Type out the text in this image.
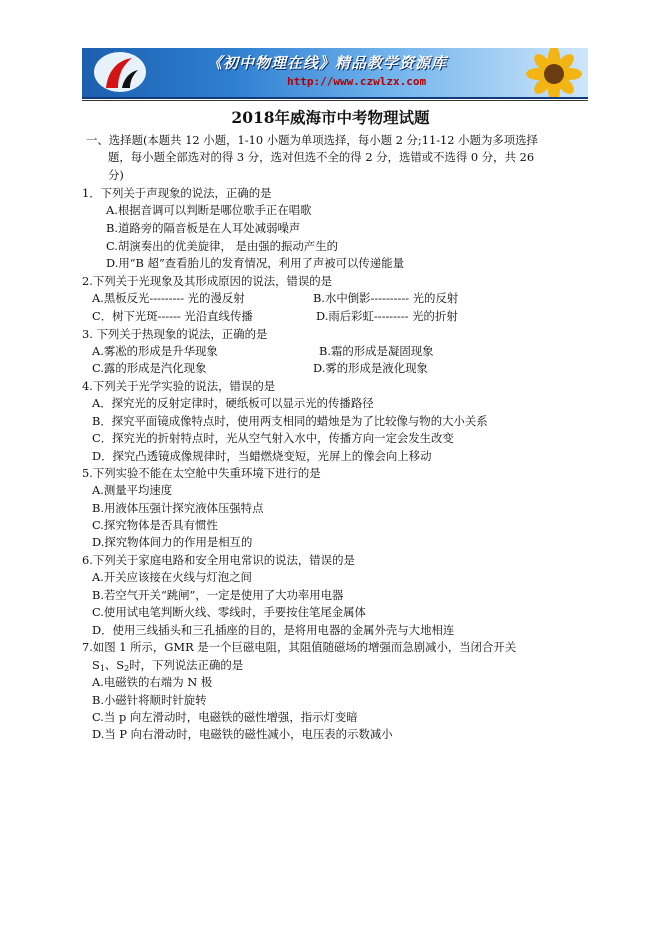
《初中物理在线》精品教学资源库
http://www.czwlzx.com
2018年威海市中考物理试题
一、选择题(本题共 12 小题，1-10 小题为单项选择，每小题 2 分;11-12 小题为多项选择
题，每小题全部选对的得 3 分，选对但选不全的得 2 分，选错或不选得 0 分，共 26
分)
1．下列关于声现象的说法，正确的是
A.根据音调可以判断是哪位歌手正在唱歌
B.道路旁的隔音板是在人耳处减弱噪声
C.胡演奏出的优美旋律， 是由强的振动产生的
D.用“B 超”查看胎儿的发育情况，利用了声被可以传递能量
2.下列关于光现象及其形成原因的说法，错误的是
A.黑板反光--------- 光的漫反射	B.水中倒影---------- 光的反射
C．树下光斑------ 光沿直线传播	D.雨后彩虹--------- 光的折射
3. 下列关于热现象的说法，正确的是
A.雾凇的形成是升华现象	B.霜的形成是凝固现象
C.露的形成是汽化现象	D.雾的形成是液化现象
4.下列关于光学实验的说法，错误的是
A．探究光的反射定律时，硬纸板可以显示光的传播路径
B．探究平面镜成像特点时，使用两支相同的蜡烛是为了比较像与物的大小关系
C．探究光的折射特点时，光从空气射入水中，传播方向一定会发生改变
D．探究凸透镜成像规律时，当蜡燃烧变短，光屏上的像会向上移动
5.下列实验不能在太空舱中失重环境下进行的是
A.测量平均速度
B.用液体压强计探究液体压强特点
C.探究物体是否具有惯性
D.探究物体间力的作用是相互的
6.下列关于家庭电路和安全用电常识的说法，错误的是
A.开关应该接在火线与灯泡之间
B.若空气开关“跳闸”，一定是使用了大功率用电器
C.使用试电笔判断火线、零线时，手要按住笔尾金属体
D．使用三线插头和三孔插座的目的，是将用电器的金属外壳与大地相连
7.如图 1 所示，GMR 是一个巨磁电阻，其阻值随磁场的增强而急剧减小，当闭合开关
$S_1$、$S_2$时，下列说法正确的是
A.电磁铁的右端为 N 极
B.小磁针将顺时针旋转
C.当 p 向左滑动时，电磁铁的磁性增强，指示灯变暗
D.当 P 向右滑动时，电磁铁的磁性减小，电压表的示数减小
